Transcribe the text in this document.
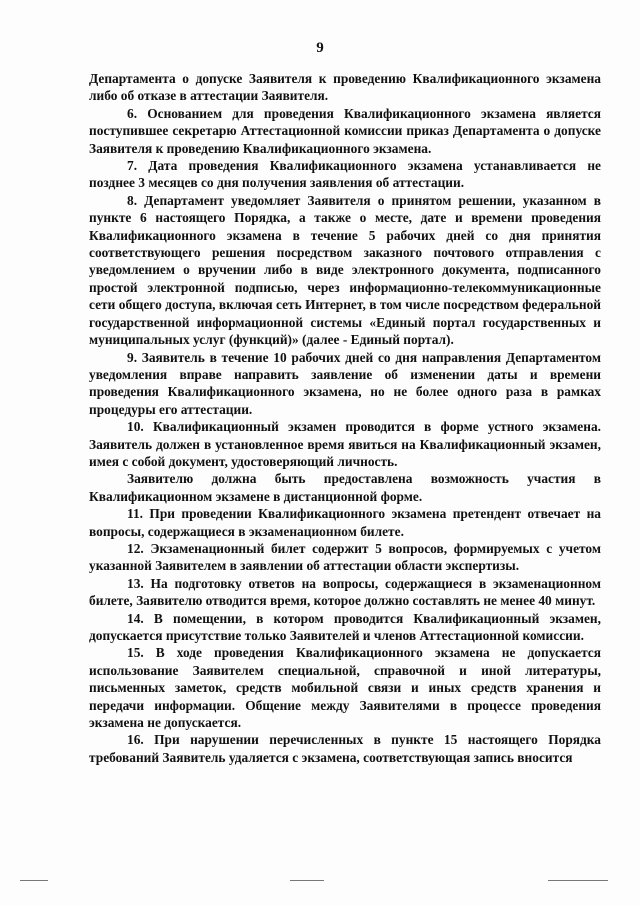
9

Департамента о допуске Заявителя к проведению Квалификационного экзамена либо об отказе в аттестации Заявителя.

6. Основанием для проведения Квалификационного экзамена является поступившее секретарю Аттестационной комиссии приказ Департамента о допуске Заявителя к проведению Квалификационного экзамена.

7. Дата проведения Квалификационного экзамена устанавливается не позднее 3 месяцев со дня получения заявления об аттестации.

8. Департамент уведомляет Заявителя о принятом решении, указанном в пункте 6 настоящего Порядка, а также о месте, дате и времени проведения Квалификационного экзамена в течение 5 рабочих дней со дня принятия соответствующего решения посредством заказного почтового отправления с уведомлением о вручении либо в виде электронного документа, подписанного простой электронной подписью, через информационно-телекоммуникационные сети общего доступа, включая сеть Интернет, в том числе посредством федеральной государственной информационной системы «Единый портал государственных и муниципальных услуг (функций)» (далее - Единый портал).

9. Заявитель в течение 10 рабочих дней со дня направления Департаментом уведомления вправе направить заявление об изменении даты и времени проведения Квалификационного экзамена, но не более одного раза в рамках процедуры его аттестации.

10. Квалификационный экзамен проводится в форме устного экзамена. Заявитель должен в установленное время явиться на Квалификационный экзамен, имея с собой документ, удостоверяющий личность.

Заявителю должна быть предоставлена возможность участия в Квалификационном экзамене в дистанционной форме.

11. При проведении Квалификационного экзамена претендент отвечает на вопросы, содержащиеся в экзаменационном билете.

12. Экзаменационный билет содержит 5 вопросов, формируемых с учетом указанной Заявителем в заявлении об аттестации области экспертизы.

13. На подготовку ответов на вопросы, содержащиеся в экзаменационном билете, Заявителю отводится время, которое должно составлять не менее 40 минут.

14. В помещении, в котором проводится Квалификационный экзамен, допускается присутствие только Заявителей и членов Аттестационной комиссии.

15. В ходе проведения Квалификационного экзамена не допускается использование Заявителем специальной, справочной и иной литературы, письменных заметок, средств мобильной связи и иных средств хранения и передачи информации. Общение между Заявителями в процессе проведения экзамена не допускается.

16. При нарушении перечисленных в пункте 15 настоящего Порядка требований Заявитель удаляется с экзамена, соответствующая запись вносится
